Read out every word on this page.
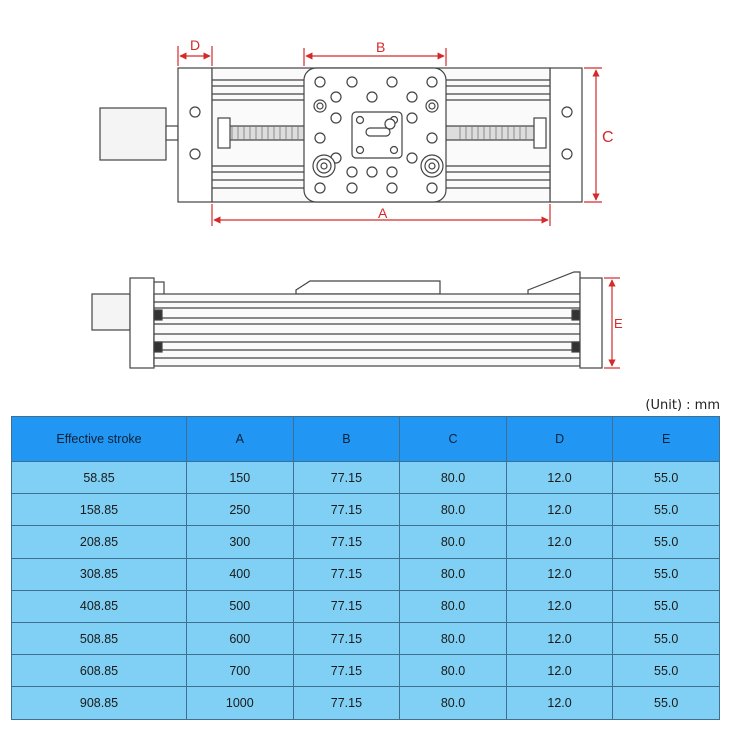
D	B
C
A
E
(Unit) : mm
Effective stroke	A	B	C	D	E
58.85	150	77.15	80.0	12.0	55.0
158.85	250	77.15	80.0	12.0	55.0
208.85	300	77.15	80.0	12.0	55.0
308.85	400	77.15	80.0	12.0	55.0
408.85	500	77.15	80.0	12.0	55.0
508.85	600	77.15	80.0	12.0	55.0
608.85	700	77.15	80.0	12.0	55.0
908.85	1000	77.15	80.0	12.0	55.0
